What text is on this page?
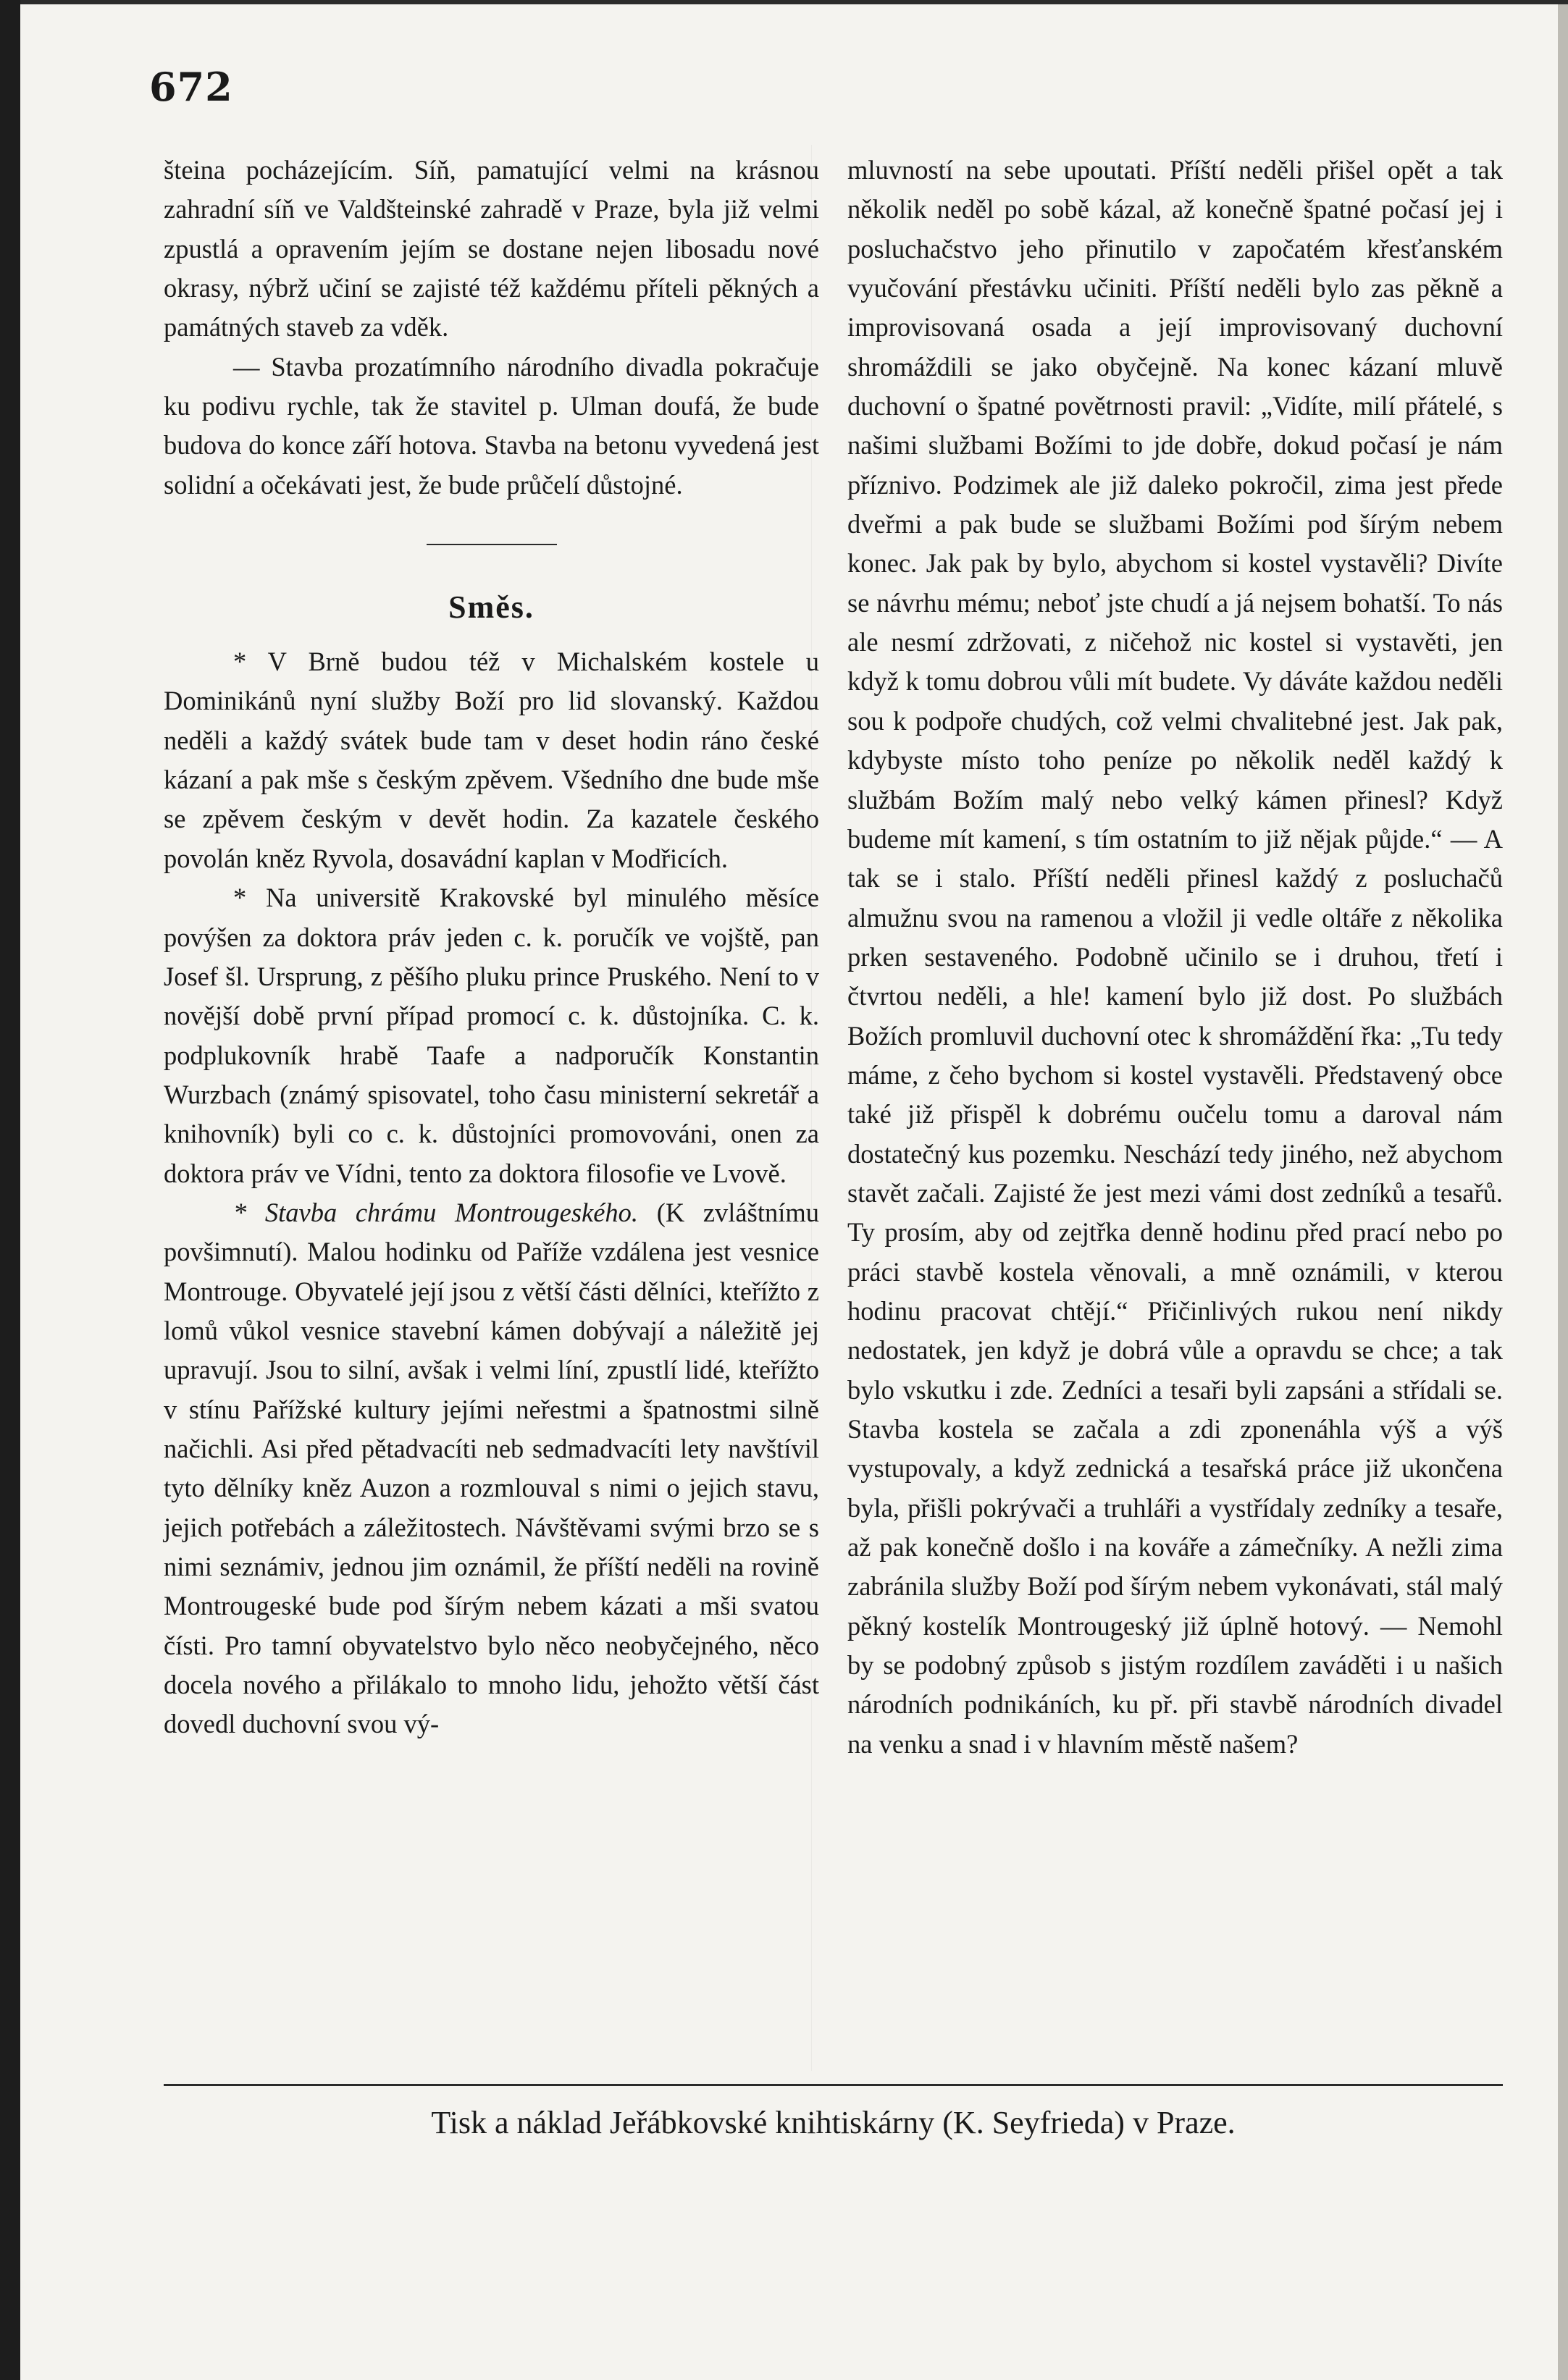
672

šteina pocházejícím. Síň, pamatující velmi na krásnou zahradní síň ve Valdšteinské zahradě v Praze, byla již velmi zpustlá a opravením jejím se dostane nejen libosadu nové okrasy, nýbrž učiní se zajisté též každému příteli pěkných a památných staveb za vděk.

— Stavba prozatímního národního divadla pokračuje ku podivu rychle, tak že stavitel p. Ulman doufá, že bude budova do konce září hotova. Stavba na betonu vyvedená jest solidní a očekávati jest, že bude průčelí důstojné.

Směs.

* V Brně budou též v Michalském kostele u Dominikánů nyní služby Boží pro lid slovanský. Každou neděli a každý svátek bude tam v deset hodin ráno české kázaní a pak mše s českým zpěvem. Všedního dne bude mše se zpěvem českým v devět hodin. Za kazatele českého povolán kněz Ryvola, dosavádní kaplan v Modřicích.

* Na universitě Krakovské byl minulého měsíce povýšen za doktora práv jeden c. k. poručík ve vojště, pan Josef šl. Ursprung, z pěšího pluku prince Pruského. Není to v novější době první případ promocí c. k. důstojníka. C. k. podplukovník hrabě Taafe a nadporučík Konstantin Wurzbach (známý spisovatel, toho času ministerní sekretář a knihovník) byli co c. k. důstojníci promovováni, onen za doktora práv ve Vídni, tento za doktora filosofie ve Lvově.

* Stavba chrámu Montrougeského. (K zvláštnímu povšimnutí). Malou hodinku od Paříže vzdálena jest vesnice Montrouge. Obyvatelé její jsou z větší části dělníci, kteřížto z lomů vůkol vesnice stavební kámen dobývají a náležitě jej upravují. Jsou to silní, avšak i velmi líní, zpustlí lidé, kteřížto v stínu Pařížské kultury jejími neřestmi a špatnostmi silně načichli. Asi před pětadvacíti neb sedmadvacíti lety navštívil tyto dělníky kněz Auzon a rozmlouval s nimi o jejich stavu, jejich potřebách a záležitostech. Návštěvami svými brzo se s nimi seznámiv, jednou jim oznámil, že příští neděli na rovině Montrougeské bude pod šírým nebem kázati a mši svatou čísti. Pro tamní obyvatelstvo bylo něco neobyčejného, něco docela nového a přilákalo to mnoho lidu, jehožto větší část dovedl duchovní svou vý-

mluvností na sebe upoutati. Příští neděli přišel opět a tak několik neděl po sobě kázal, až konečně špatné počasí jej i posluchačstvo jeho přinutilo v započatém křesťanském vyučování přestávku učiniti. Příští neděli bylo zas pěkně a improvisovaná osada a její improvisovaný duchovní shromáždili se jako obyčejně. Na konec kázaní mluvě duchovní o špatné povětrnosti pravil: „Vidíte, milí přátelé, s našimi službami Božími to jde dobře, dokud počasí je nám příznivo. Podzimek ale již daleko pokročil, zima jest přede dveřmi a pak bude se službami Božími pod šírým nebem konec. Jak pak by bylo, abychom si kostel vystavěli? Divíte se návrhu mému; neboť jste chudí a já nejsem bohatší. To nás ale nesmí zdržovati, z ničehož nic kostel si vystavěti, jen když k tomu dobrou vůli mít budete. Vy dáváte každou neděli sou k podpoře chudých, což velmi chvalitebné jest. Jak pak, kdybyste místo toho peníze po několik neděl každý k službám Božím malý nebo velký kámen přinesl? Když budeme mít kamení, s tím ostatním to již nějak půjde.“ — A tak se i stalo. Příští neděli přinesl každý z posluchačů almužnu svou na ramenou a vložil ji vedle oltáře z několika prken sestaveného. Podobně učinilo se i druhou, třetí i čtvrtou neděli, a hle! kamení bylo již dost. Po službách Božích promluvil duchovní otec k shromáždění řka: „Tu tedy máme, z čeho bychom si kostel vystavěli. Představený obce také již přispěl k dobrému oučelu tomu a daroval nám dostatečný kus pozemku. Neschází tedy jiného, než abychom stavět začali. Zajisté že jest mezi vámi dost zedníků a tesařů. Ty prosím, aby od zejtřka denně hodinu před prací nebo po práci stavbě kostela věnovali, a mně oznámili, v kterou hodinu pracovat chtějí.“ Přičinlivých rukou není nikdy nedostatek, jen když je dobrá vůle a opravdu se chce; a tak bylo vskutku i zde. Zedníci a tesaři byli zapsáni a střídali se. Stavba kostela se začala a zdi zponenáhla výš a výš vystupovaly, a když zednická a tesařská práce již ukončena byla, přišli pokrývači a truhláři a vystřídaly zedníky a tesaře, až pak konečně došlo i na kováře a zámečníky. A nežli zima zabránila služby Boží pod šírým nebem vykonávati, stál malý pěkný kostelík Montrougeský již úplně hotový. — Nemohl by se podobný způsob s jistým rozdílem zaváděti i u našich národních podnikáních, ku př. při stavbě národních divadel na venku a snad i v hlavním městě našem?

Tisk a náklad Jeřábkovské knihtiskárny (K. Seyfrieda) v Praze.
